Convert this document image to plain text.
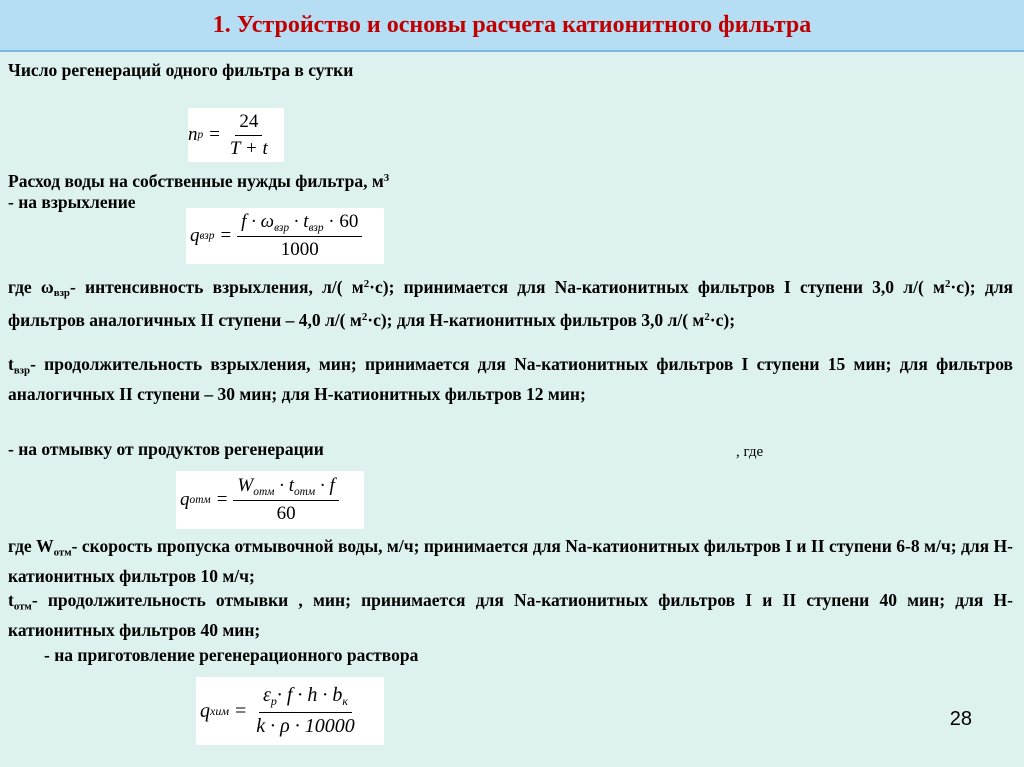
1. Устройство и основы расчета катионитного фильтра
Число регенераций одного фильтра в сутки
n $р = \frac{24}{T + t}$
Расход воды на собственные нужды фильтра, $м^3$
- на взрыхление
q взр = $\frac{f \cdot \omega_{взр} \cdot t_{взр} \cdot 60}{1000}$

где ωвзр- интенсивность взрыхления, л/( $м^2\cdot с$); принимается для Na-катионитных фильтров I ступени 3,0 л/( $м^2\cdot с$); для фильтров аналогичных II ступени – 4,0 л/( $м^2\cdot с$); для Н-катионитных фильтров 3,0 л/( $м^2\cdot с$);

tвзр- продолжительность взрыхления, мин; принимается для Na-катионитных фильтров I ступени 15 мин; для фильтров аналогичных II ступени – 30 мин; для Н-катионитных фильтров 12 мин;

- на отмывку от продуктов регенерации	, где
q отм = $\frac{W_{отм} \cdot t_{отм} \cdot f}{60}$

где Wотм- скорость пропуска отмывочной воды, м/ч; принимается для Na-катионитных фильтров I и II ступени 6-8 м/ч; для Н-катионитных фильтров 10 м/ч;

tотм- продолжительность отмывки , мин; принимается для Na-катионитных фильтров I и II ступени 40 мин; для Н-катионитных фильтров 40 мин;

- на приготовление регенерационного раствора
q хим = $\frac{\varepsilon_р\cdot f \cdot h \cdot b_к}{k \cdot \rho \cdot 10000}$	28
